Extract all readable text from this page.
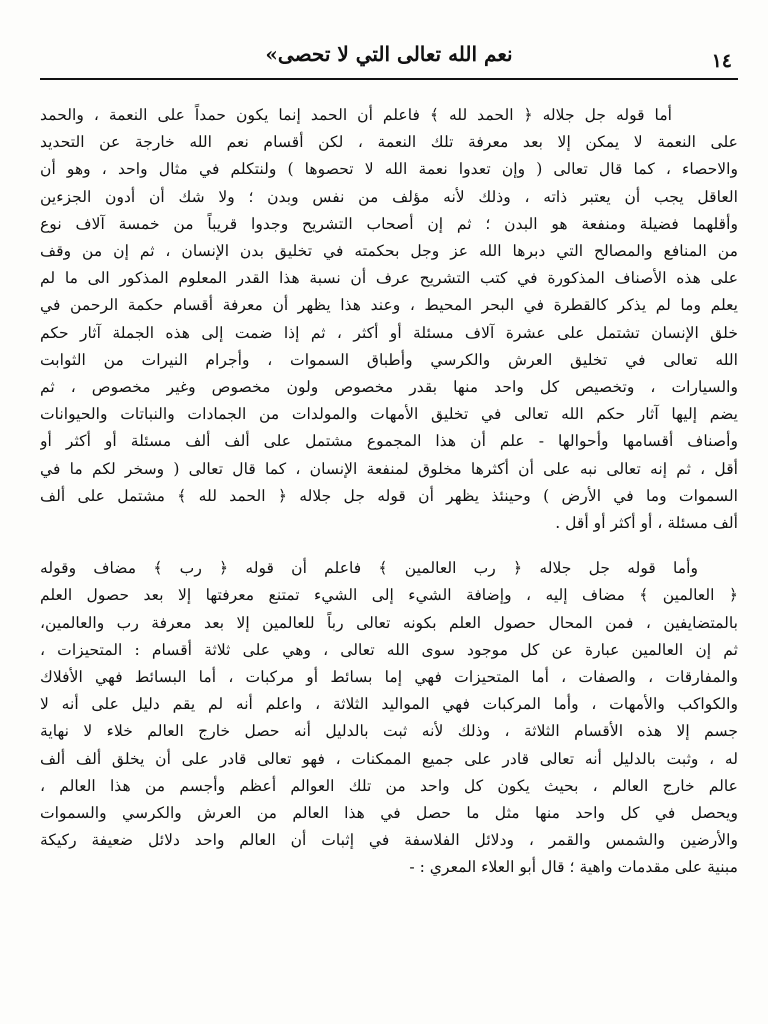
نعم الله تعالى التي لا تحصى»	١٤

أما قوله جل جلاله ﴿ الحمد لله ﴾ فاعلم أن الحمد إنما يكون حمداً على النعمة ، والحمد
على النعمة لا يمكن إلا بعد معرفة تلك النعمة ، لكن أقسام نعم الله خارجة عن التحديد
والاحصاء ، كما قال تعالى ( وإن تعدوا نعمة الله لا تحصوها ) ولنتكلم في مثال واحد ، وهو أن
العاقل يجب أن يعتبر ذاته ، وذلك لأنه مؤلف من نفس وبدن ؛ ولا شك أن أدون الجزءين
وأقلهما فضيلة ومنفعة هو البدن ؛ ثم إن أصحاب التشريح وجدوا قريباً من خمسة آلاف نوع
من المنافع والمصالح التي دبرها الله عز وجل بحكمته في تخليق بدن الإنسان ، ثم إن من وقف
على هذه الأصناف المذكورة في كتب التشريح عرف أن نسبة هذا القدر المعلوم المذكور الى ما لم
يعلم وما لم يذكر كالقطرة في البحر المحيط ، وعند هذا يظهر أن معرفة أقسام حكمة الرحمن في
خلق الإنسان تشتمل على عشرة آلاف مسئلة أو أكثر ، ثم إذا ضمت إلى هذه الجملة آثار حكم
الله تعالى في تخليق العرش والكرسي وأطباق السموات ، وأجرام النيرات من الثوابت
والسيارات ، وتخصيص كل واحد منها بقدر مخصوص ولون مخصوص وغير مخصوص ، ثم
يضم إليها آثار حكم الله تعالى في تخليق الأمهات والمولدات من الجمادات والنباتات والحيوانات
وأصناف أقسامها وأحوالها - علم أن هذا المجموع مشتمل على ألف ألف مسئلة أو أكثر أو
أقل ، ثم إنه تعالى نبه على أن أكثرها مخلوق لمنفعة الإنسان ، كما قال تعالى ( وسخر لكم ما في
السموات وما في الأرض ) وحينئذ يظهر أن قوله جل جلاله ﴿ الحمد لله ﴾ مشتمل على ألف
ألف مسئلة ، أو أكثر أو أقل .

وأما قوله جل جلاله ﴿ رب العالمين ﴾ فاعلم أن قوله ﴿ رب ﴾ مضاف وقوله
﴿ العالمين ﴾ مضاف إليه ، وإضافة الشيء إلى الشيء تمتنع معرفتها إلا بعد حصول العلم
بالمتضايفين ، فمن المحال حصول العلم بكونه تعالى رباً للعالمين إلا بعد معرفة رب والعالمين،
ثم إن العالمين عبارة عن كل موجود سوى الله تعالى ، وهي على ثلاثة أقسام : المتحيزات ،
والمفارقات ، والصفات ، أما المتحيزات فهي إما بسائط أو مركبات ، أما البسائط فهي الأفلاك
والكواكب والأمهات ، وأما المركبات فهي المواليد الثلاثة ، واعلم أنه لم يقم دليل على أنه لا
جسم إلا هذه الأقسام الثلاثة ، وذلك لأنه ثبت بالدليل أنه حصل خارج العالم خلاء لا نهاية
له ، وثبت بالدليل أنه تعالى قادر على جميع الممكنات ، فهو تعالى قادر على أن يخلق ألف ألف
عالم خارج العالم ، بحيث يكون كل واحد من تلك العوالم أعظم وأجسم من هذا العالم ،
ويحصل في كل واحد منها مثل ما حصل في هذا العالم من العرش والكرسي والسموات
والأرضين والشمس والقمر ، ودلائل الفلاسفة في إثبات أن العالم واحد دلائل ضعيفة ركيكة
مبنية على مقدمات واهية ؛ قال أبو العلاء المعري : -
